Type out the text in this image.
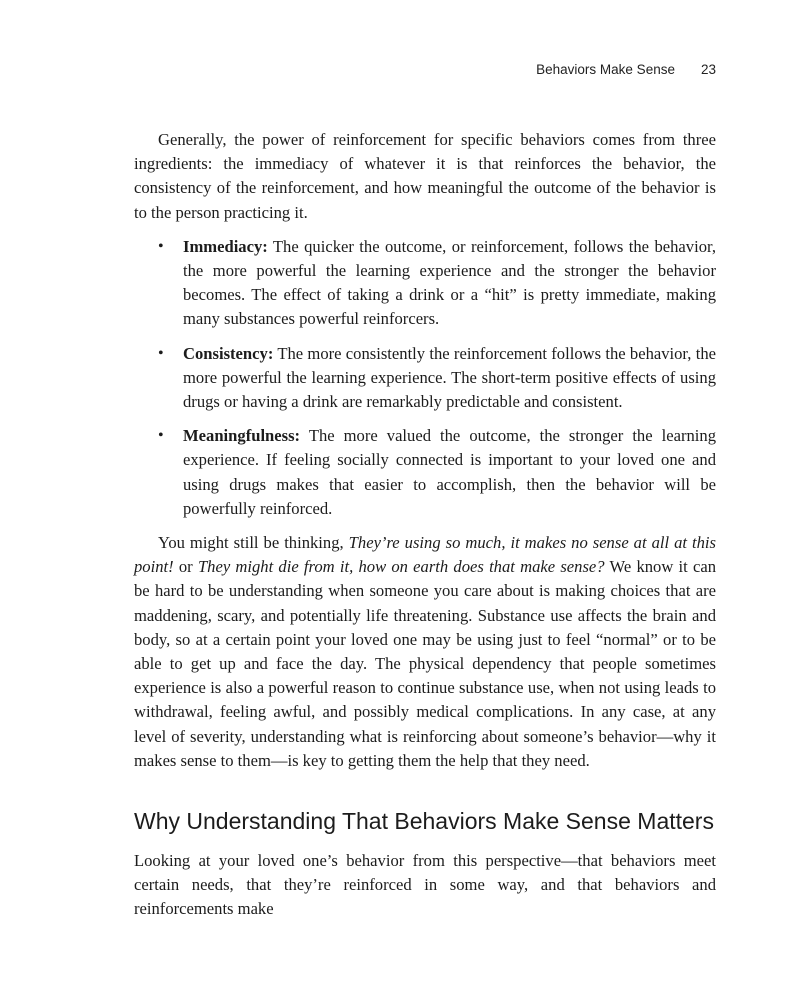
Behaviors Make Sense 23

Generally, the power of reinforcement for specific behaviors comes from three ingredients: the immediacy of whatever it is that reinforces the behavior, the consistency of the reinforcement, and how meaningful the outcome of the behavior is to the person practicing it.

• Immediacy: The quicker the outcome, or reinforcement, follows the behavior, the more powerful the learning experience and the stronger the behavior becomes. The effect of taking a drink or a “hit” is pretty immediate, making many substances powerful reinforcers.
• Consistency: The more consistently the reinforcement follows the behavior, the more powerful the learning experience. The short-term positive effects of using drugs or having a drink are remarkably predictable and consistent.
• Meaningfulness: The more valued the outcome, the stronger the learning experience. If feeling socially connected is important to your loved one and using drugs makes that easier to accomplish, then the behavior will be powerfully reinforced.

You might still be thinking, They’re using so much, it makes no sense at all at this point! or They might die from it, how on earth does that make sense? We know it can be hard to be understanding when someone you care about is making choices that are maddening, scary, and potentially life threatening. Substance use affects the brain and body, so at a certain point your loved one may be using just to feel “normal” or to be able to get up and face the day. The physical dependency that people sometimes experience is also a powerful reason to continue substance use, when not using leads to withdrawal, feeling awful, and possibly medical complications. In any case, at any level of severity, understanding what is reinforcing about someone’s behavior—why it makes sense to them—is key to getting them the help that they need.

Why Understanding That Behaviors Make Sense Matters

Looking at your loved one’s behavior from this perspective—that behaviors meet certain needs, that they’re reinforced in some way, and that behaviors and reinforcements make
